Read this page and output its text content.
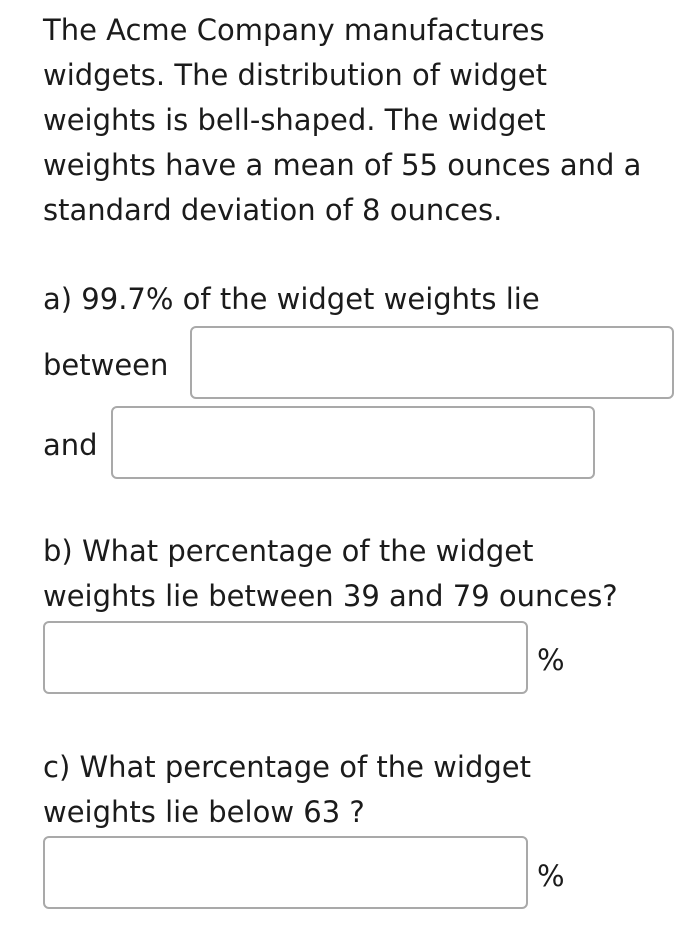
The Acme Company manufactures
widgets. The distribution of widget
weights is bell-shaped. The widget
weights have a mean of 55 ounces and a
standard deviation of 8 ounces.

a) 99.7% of the widget weights lie

between

and

b) What percentage of the widget
weights lie between 39 and 79 ounces?

%

c) What percentage of the widget
weights lie below 63 ?

%
